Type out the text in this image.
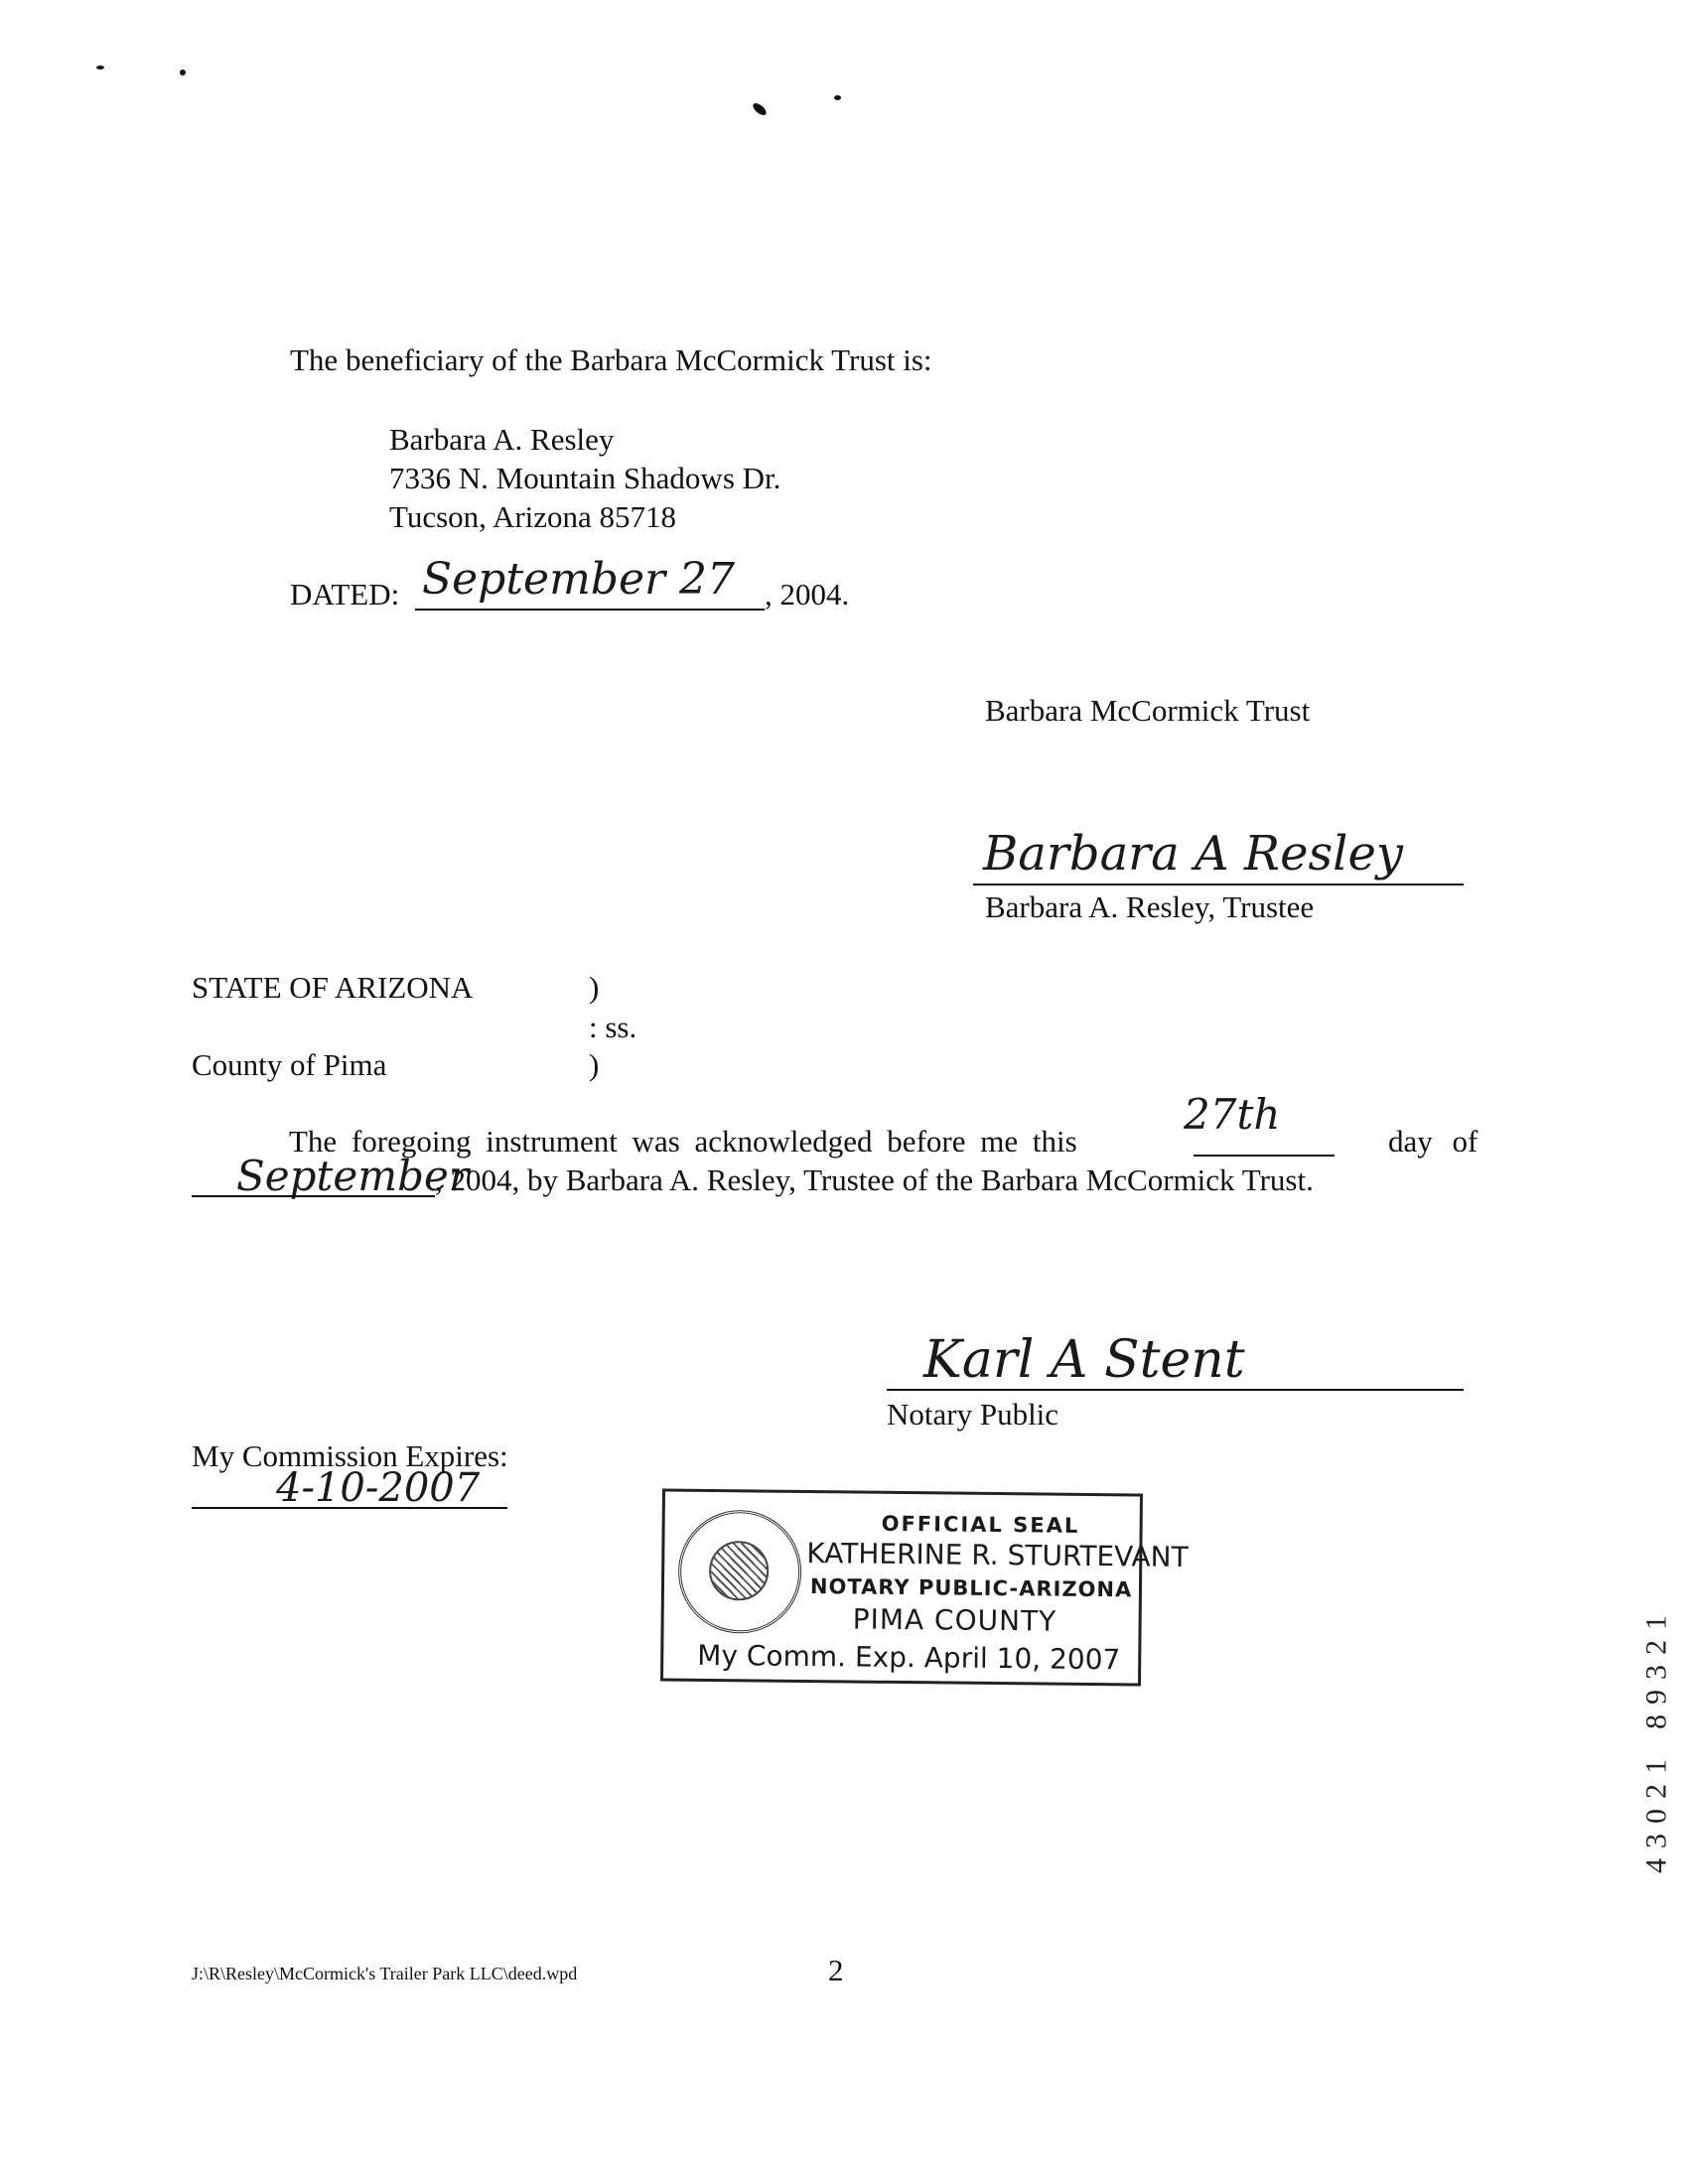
The beneficiary of the Barbara McCormick Trust is:
Barbara A. Resley
7336 N. Mountain Shadows Dr.
Tucson, Arizona 85718
DATED: September 27 , 2004.
Barbara McCormick Trust
Barbara A Resley
Barbara A. Resley, Trustee
STATE OF ARIZONA	)
: ss.
County of Pima	)
The foregoing instrument was acknowledged before me this
27th
day of
September
, 2004, by Barbara A. Resley, Trustee of the Barbara McCormick Trust.
Karl A Stent
Notary Public
My Commission Expires:
4-10-2007
OFFICIAL SEAL
KATHERINE R. STURTEVANT
NOTARY PUBLIC-ARIZONA
PIMA COUNTY
My Comm. Exp. April 10, 2007
J:\R\Resley\McCormick's Trailer Park LLC\deed.wpd	2
1
2
3
9
8
1
2
0
3
4
